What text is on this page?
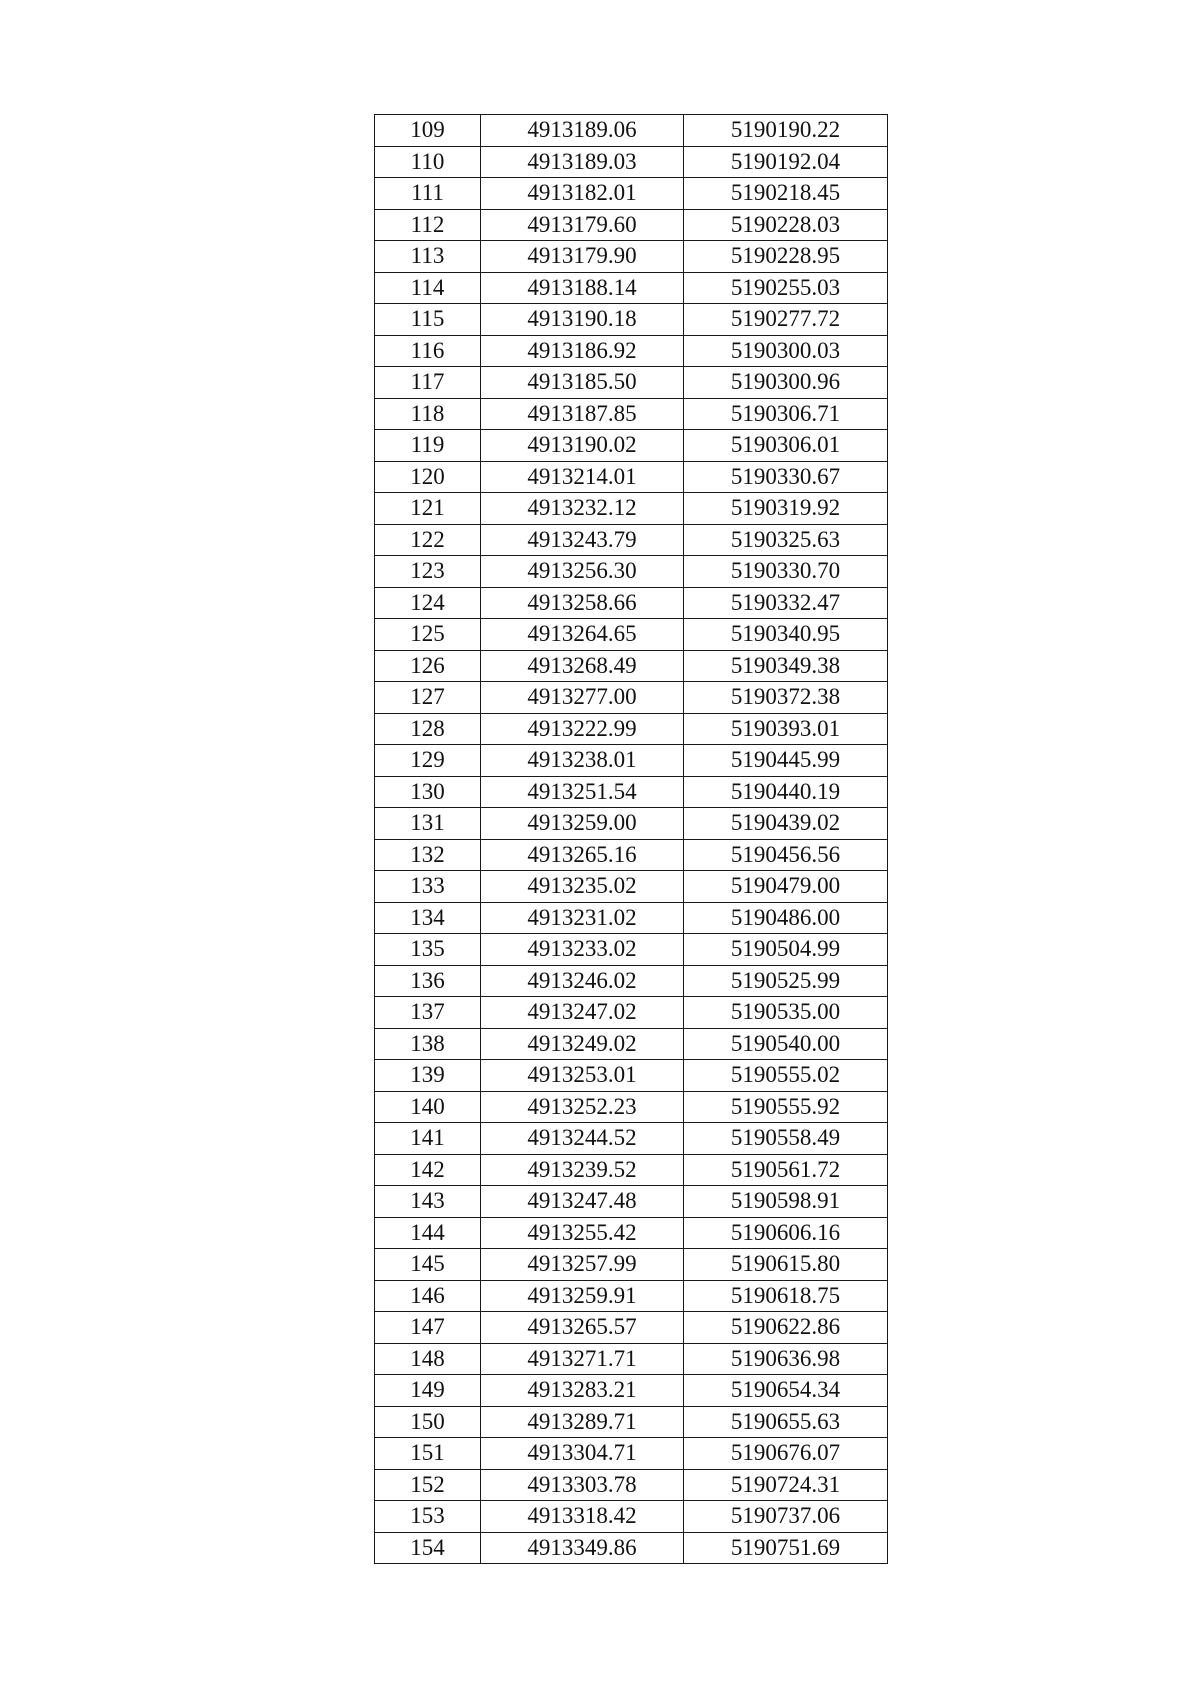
109	4913189.06	5190190.22
110	4913189.03	5190192.04
111	4913182.01	5190218.45
112	4913179.60	5190228.03
113	4913179.90	5190228.95
114	4913188.14	5190255.03
115	4913190.18	5190277.72
116	4913186.92	5190300.03
117	4913185.50	5190300.96
118	4913187.85	5190306.71
119	4913190.02	5190306.01
120	4913214.01	5190330.67
121	4913232.12	5190319.92
122	4913243.79	5190325.63
123	4913256.30	5190330.70
124	4913258.66	5190332.47
125	4913264.65	5190340.95
126	4913268.49	5190349.38
127	4913277.00	5190372.38
128	4913222.99	5190393.01
129	4913238.01	5190445.99
130	4913251.54	5190440.19
131	4913259.00	5190439.02
132	4913265.16	5190456.56
133	4913235.02	5190479.00
134	4913231.02	5190486.00
135	4913233.02	5190504.99
136	4913246.02	5190525.99
137	4913247.02	5190535.00
138	4913249.02	5190540.00
139	4913253.01	5190555.02
140	4913252.23	5190555.92
141	4913244.52	5190558.49
142	4913239.52	5190561.72
143	4913247.48	5190598.91
144	4913255.42	5190606.16
145	4913257.99	5190615.80
146	4913259.91	5190618.75
147	4913265.57	5190622.86
148	4913271.71	5190636.98
149	4913283.21	5190654.34
150	4913289.71	5190655.63
151	4913304.71	5190676.07
152	4913303.78	5190724.31
153	4913318.42	5190737.06
154	4913349.86	5190751.69
